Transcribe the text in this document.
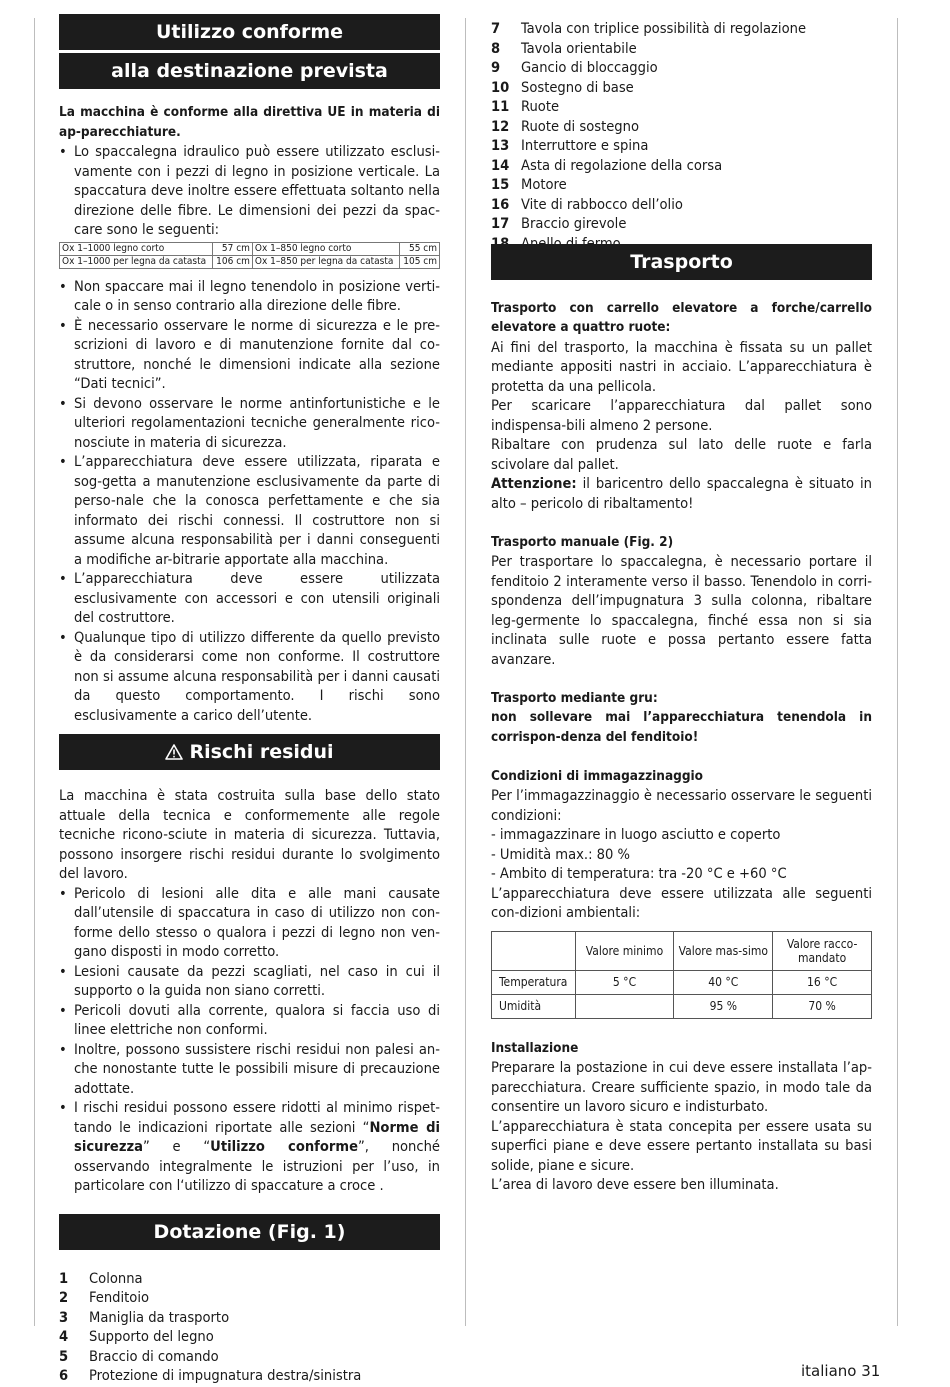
Utilizzo conforme
alla destinazione prevista

La macchina è conforme alla direttiva UE in materia di ap-parecchiature.

• Lo spaccalegna idraulico può essere utilizzato esclusi-vamente con i pezzi di legno in posizione verticale. La spaccatura deve inoltre essere effettuata soltanto nella direzione delle fibre. Le dimensioni dei pezzi da spac-care sono le seguenti:
Ox 1–1000 legno corto	57 cm	Ox 1–850 legno corto	55 cm
Ox 1–1000 per legna da catasta	106 cm	Ox 1–850 per legna da catasta	105 cm
• Non spaccare mai il legno tenendolo in posizione verti-cale o in senso contrario alla direzione delle fibre.
• È necessario osservare le norme di sicurezza e le pre-scrizioni di lavoro e di manutenzione fornite dal co-struttore, nonché le dimensioni indicate alla sezione “Dati tecnici”.
• Si devono osservare le norme antinfortunistiche e le ulteriori regolamentazioni tecniche generalmente rico-nosciute in materia di sicurezza.
• L’apparecchiatura deve essere utilizzata, riparata e sog-getta a manutenzione esclusivamente da parte di perso-nale che la conosca perfettamente e che sia informato dei rischi connessi. Il costruttore non si assume alcuna responsabilità per i danni conseguenti a modifiche ar-bitrarie apportate alla macchina.
• L’apparecchiatura deve essere utilizzata esclusivamente con accessori e con utensili originali del costruttore.
• Qualunque tipo di utilizzo differente da quello previsto è da considerarsi come non conforme. Il costruttore non si assume alcuna responsabilità per i danni causati da questo comportamento. I rischi sono esclusivamente a carico dell’utente.
Rischi residui

La macchina è stata costruita sulla base dello stato attuale della tecnica e conformemente alle regole tecniche ricono-sciute in materia di sicurezza. Tuttavia, possono insorgere rischi residui durante lo svolgimento del lavoro.

• Pericolo di lesioni alle dita e alle mani causate dall’utensile di spaccatura in caso di utilizzo non con-forme dello stesso o qualora i pezzi di legno non ven-gano disposti in modo corretto.
• Lesioni causate da pezzi scagliati, nel caso in cui il supporto o la guida non siano corretti.
• Pericoli dovuti alla corrente, qualora si faccia uso di linee elettriche non conformi.
• Inoltre, possono sussistere rischi residui non palesi an-che nonostante tutte le possibili misure di precauzione adottate.
• I rischi residui possono essere ridotti al minimo rispet-tando le indicazioni riportate alle sezioni “Norme di sicurezza” e “Utilizzo conforme”, nonché osservando integralmente le istruzioni per l’uso, in particolare con l‘utilizzo di spaccature a croce .
Dotazione (Fig. 1)
1	Colonna
2	Fenditoio
3	Maniglia da trasporto
4	Supporto del legno
5	Braccio di comando
6	Protezione di impugnatura destra/sinistra
7	Tavola con triplice possibilità di regolazione
8	Tavola orientabile
9	Gancio di bloccaggio
10 Sostegno di base
11 Ruote
12 Ruote di sostegno
13 Interruttore e spina
14 Asta di regolazione della corsa
15 Motore
16 Vite di rabbocco dell’olio
17 Braccio girevole
Trasporto

Trasporto con carrello elevatore a forche/carrello elevatore a quattro ruote:

Ai fini del trasporto, la macchina è fissata su un pallet mediante appositi nastri in acciaio. L’apparecchiatura è protetta da una pellicola.

Per scaricare l’apparecchiatura dal pallet sono indispensa-bili almeno 2 persone.

Ribaltare con prudenza sul lato delle ruote e farla scivolare dal pallet.

Attenzione: il baricentro dello spaccalegna è situato in alto – pericolo di ribaltamento!

Trasporto manuale (Fig. 2)

Per trasportare lo spaccalegna, è necessario portare il fenditoio 2 interamente verso il basso. Tenendolo in corri-spondenza dell’impugnatura 3 sulla colonna, ribaltare leg-germente lo spaccalegna, finché essa non si sia inclinata sulle ruote e possa pertanto essere fatta avanzare.

Trasporto mediante gru:

non sollevare mai l’apparecchiatura tenendola in corrispon-denza del fenditoio!

Condizioni di immagazzinaggio

Per l’immagazzinaggio è necessario osservare le seguenti condizioni:

- immagazzinare in luogo asciutto e coperto

- Umidità max.: 80 %

- Ambito di temperatura: tra -20 °C e +60 °C

L’apparecchiatura deve essere utilizzata alle seguenti con-dizioni ambientali:

	Valore minimo	Valore mas-simo	Valore racco-mandato
Temperatura	5 °C	40 °C	16 °C
Umidità		95 %	70 %

Installazione

Preparare la postazione in cui deve essere installata l’ap-parecchiatura. Creare sufficiente spazio, in modo tale da consentire un lavoro sicuro e indisturbato.

L’apparecchiatura è stata concepita per essere usata su superfici piane e deve essere pertanto installata su basi solide, piane e sicure.

L’area di lavoro deve essere ben illuminata.

italiano 31
